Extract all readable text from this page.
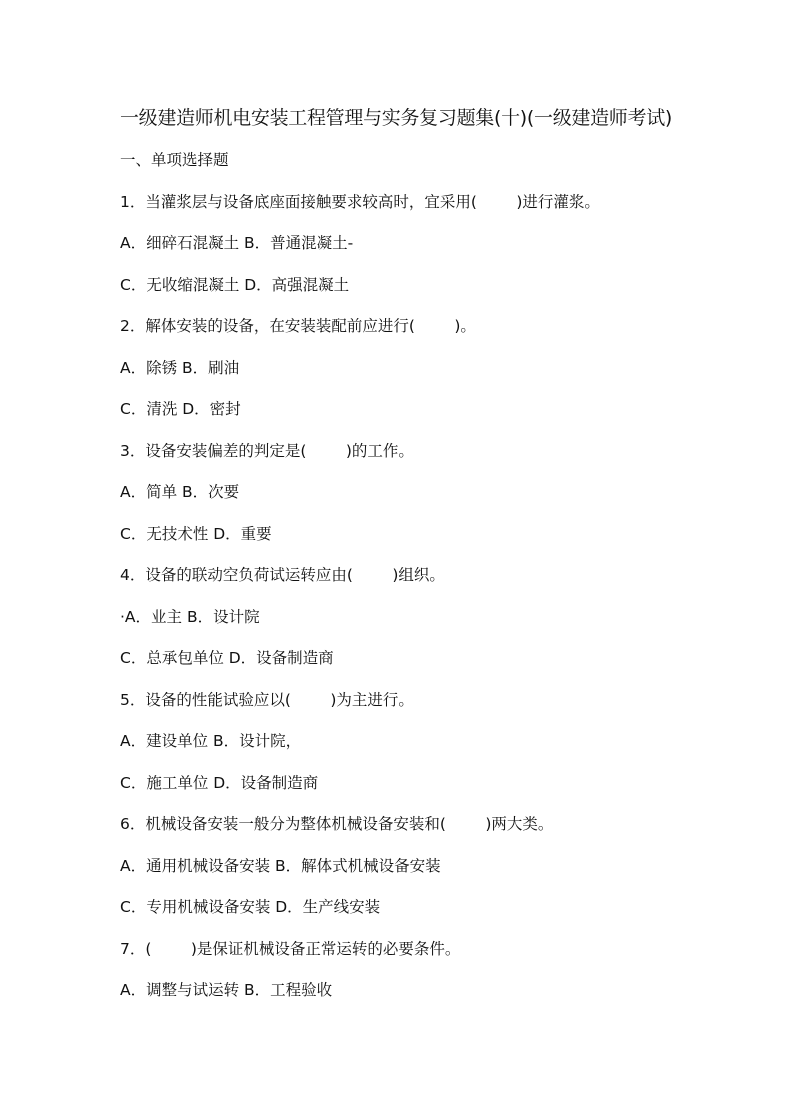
一级建造师机电安装工程管理与实务复习题集(十)(一级建造师考试)
一、单项选择题
1．当灌浆层与设备底座面接触要求较高时，宜采用(        )进行灌浆。
A．细碎石混凝土 B．普通混凝土-
C．无收缩混凝土 D．高强混凝土
2．解体安装的设备，在安装装配前应进行(        )。
A．除锈 B．刷油
C．清洗 D．密封
3．设备安装偏差的判定是(        )的工作。
A．简单 B．次要
C．无技术性 D．重要
4．设备的联动空负荷试运转应由(        )组织。
·A．业主 B．设计院
C．总承包单位 D．设备制造商
5．设备的性能试验应以(        )为主进行。
A．建设单位 B．设计院，
C．施工单位 D．设备制造商
6．机械设备安装一般分为整体机械设备安装和(        )两大类。
A．通用机械设备安装 B．解体式机械设备安装
C．专用机械设备安装 D．生产线安装
7．(        )是保证机械设备正常运转的必要条件。
A．调整与试运转 B．工程验收
